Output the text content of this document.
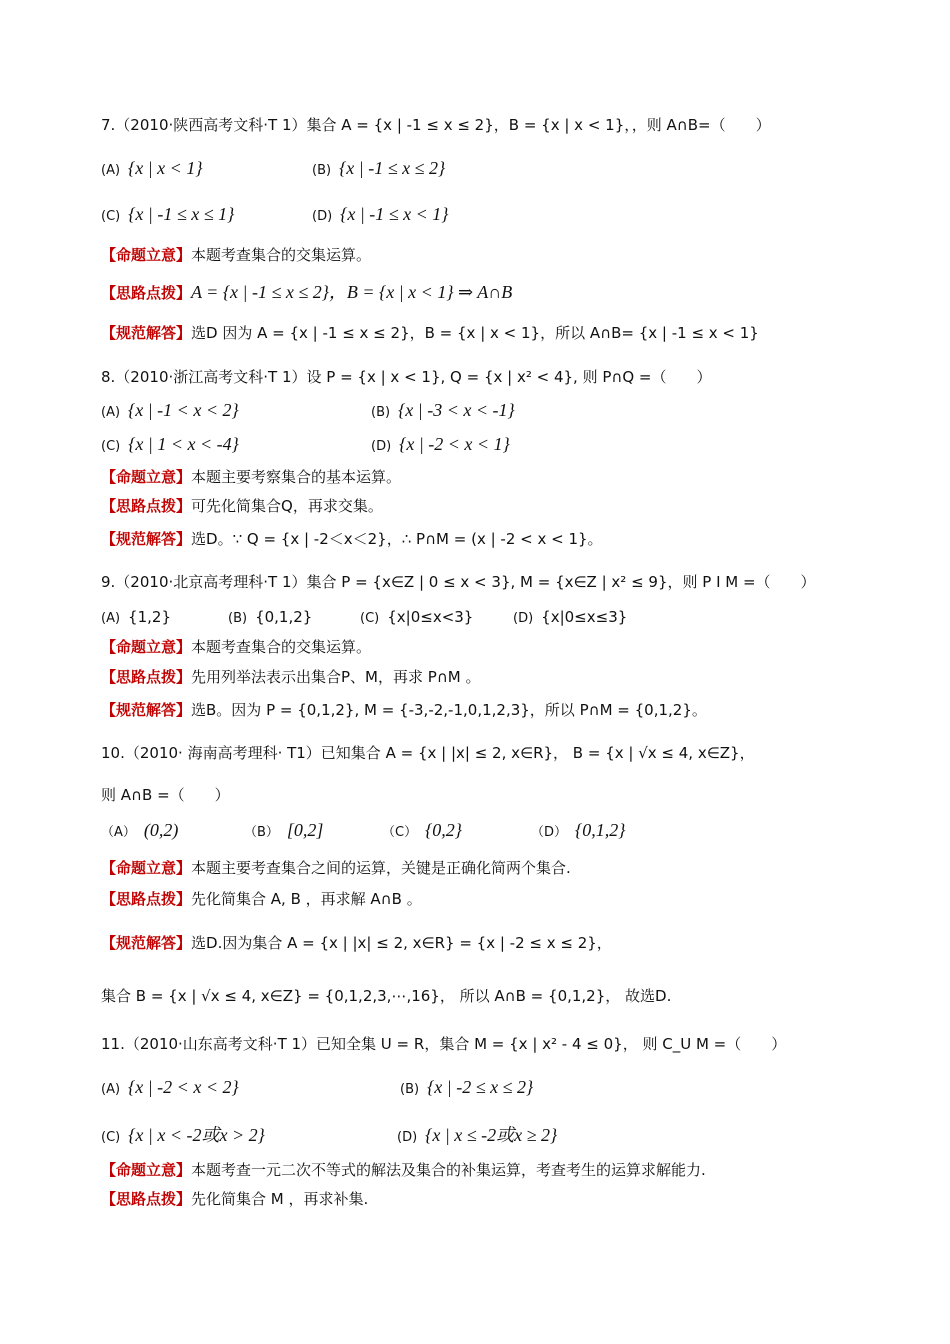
7.（2010·陕西高考文科·T 1）集合 A = {x | -1 ≤ x ≤ 2}，B = {x | x < 1}，，则 A∩B=（　　）
(A) {x | x < 1}	(B) {x | -1 ≤ x ≤ 2}
(C) {x | -1 ≤ x ≤ 1}	(D) {x | -1 ≤ x < 1}
【命题立意】本题考查集合的交集运算。
【思路点拨】A = {x | -1 ≤ x ≤ 2}，B = {x | x < 1} ⇒ A∩B
【规范解答】选D 因为 A = {x | -1 ≤ x ≤ 2}，B = {x | x < 1}，所以 A∩B= {x | -1 ≤ x < 1}
8.（2010·浙江高考文科·T 1）设 P = {x | x < 1}, Q = {x | x² < 4}, 则 P∩Q =（　　）
(A) {x | -1 < x < 2}	(B) {x | -3 < x < -1}
(C) {x | 1 < x < -4}	(D) {x | -2 < x < 1}
【命题立意】本题主要考察集合的基本运算。
【思路点拨】可先化简集合Q，再求交集。
【规范解答】选D。∵ Q = {x | -2＜x＜2}，∴ P∩M = (x | -2 < x < 1}。
9.（2010·北京高考理科·T 1）集合 P = {x∈Z | 0 ≤ x < 3}, M = {x∈Z | x² ≤ 9}，则 P I M =（　　）
(A) {1,2}	(B) {0,1,2}	(C) {x|0≤x<3}	(D) {x|0≤x≤3}
【命题立意】本题考查集合的交集运算。
【思路点拨】先用列举法表示出集合P、M，再求 P∩M 。
【规范解答】选B。因为 P = {0,1,2}, M = {-3,-2,-1,0,1,2,3}，所以 P∩M = {0,1,2}。
10.（2010· 海南高考理科· T1）已知集合 A = {x | |x| ≤ 2, x∈R}， B = {x | √x ≤ 4, x∈Z}，
则 A∩B =（　　）
（A） (0,2)	（B） [0,2]	（C） {0,2}	（D） {0,1,2}
【命题立意】本题主要考查集合之间的运算，关键是正确化简两个集合.
【思路点拨】先化简集合 A, B ，再求解 A∩B 。
【规范解答】选D.因为集合 A = {x | |x| ≤ 2, x∈R} = {x | -2 ≤ x ≤ 2}，
集合 B = {x | √x ≤ 4, x∈Z} = {0,1,2,3,⋯,16}， 所以 A∩B = {0,1,2}， 故选D.
11.（2010·山东高考文科·T 1）已知全集 U = R，集合 M = {x | x² - 4 ≤ 0}， 则 C_U M =（　　）
(A) {x | -2 < x < 2}	(B) {x | -2 ≤ x ≤ 2}
(C) {x | x < -2或x > 2}	(D) {x | x ≤ -2或x ≥ 2}
【命题立意】本题考查一元二次不等式的解法及集合的补集运算，考查考生的运算求解能力.
【思路点拨】先化简集合 M ，再求补集.
